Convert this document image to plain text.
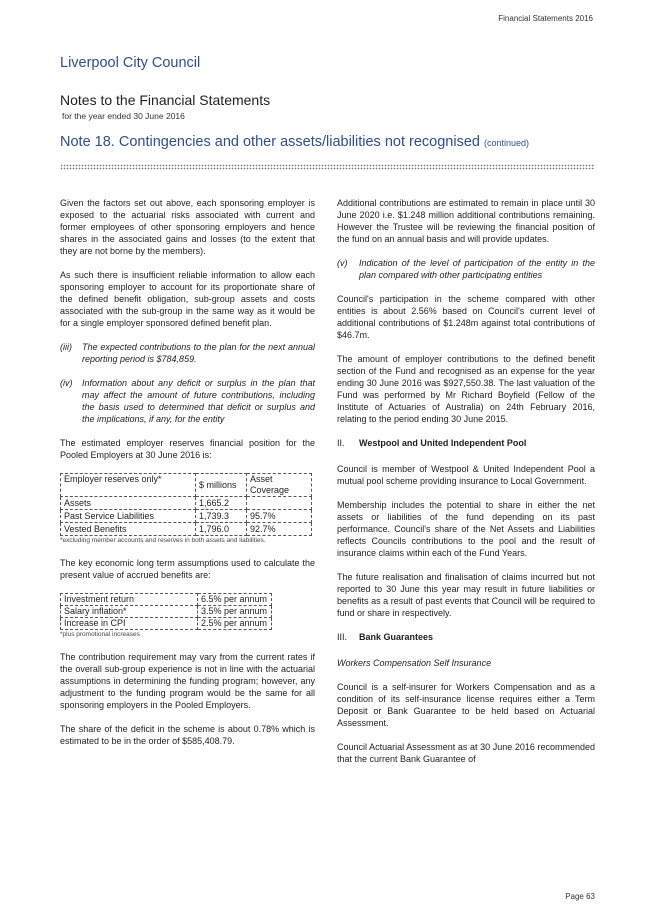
Financial Statements 2016
Liverpool City Council
Notes to the Financial Statements
for the year ended 30 June 2016
Note 18. Contingencies and other assets/liabilities not recognised (continued)

Given the factors set out above, each sponsoring employer is exposed to the actuarial risks associated with current and former employees of other sponsoring employers and hence shares in the associated gains and losses (to the extent that they are not borne by the members).

As such there is insufficient reliable information to allow each sponsoring employer to account for its proportionate share of the defined benefit obligation, sub-group assets and costs associated with the sub-group in the same way as it would be for a single employer sponsored defined benefit plan.

(iii)	The expected contributions to the plan for the next annual reporting period is $784,859.
(iv)	Information about any deficit or surplus in the plan that may affect the amount of future contributions, including the basis used to determined that deficit or surplus and the implications, if any, for the entity

The estimated employer reserves financial position for the Pooled Employers at 30 June 2016 is:

Employer reserves only*	$ millions	Asset Coverage
Assets	1,665.2	
Past Service Liabilities	1,739.3	95.7%
Vested Benefits	1,796.0	92.7%
*excluding member accounts and reserves in both assets and liabilities.

The key economic long term assumptions used to calculate the present value of accrued benefits are:

Investment return	6.5% per annum
Salary inflation*	3.5% per annum
Increase in CPI	2.5% per annum
*plus promotional increases

The contribution requirement may vary from the current rates if the overall sub-group experience is not in line with the actuarial assumptions in determining the funding program; however, any adjustment to the funding program would be the same for all sponsoring employers in the Pooled Employers.

The share of the deficit in the scheme is about 0.78% which is estimated to be in the order of $585,408.79.

Additional contributions are estimated to remain in place until 30 June 2020 i.e. $1.248 million additional contributions remaining. However the Trustee will be reviewing the financial position of the fund on an annual basis and will provide updates.

(v)	Indication of the level of participation of the entity in the plan compared with other participating entities

Council's participation in the scheme compared with other entities is about 2.56% based on Council's current level of additional contributions of $1.248m against total contributions of $46.7m.

The amount of employer contributions to the defined benefit section of the Fund and recognised as an expense for the year ending 30 June 2016 was $927,550.38. The last valuation of the Fund was performed by Mr Richard Boyfield (Fellow of the Institute of Actuaries of Australia) on 24th February 2016, relating to the period ending 30 June 2015.

II.	Westpool and United Independent Pool

Council is member of Westpool & United Independent Pool a mutual pool scheme providing insurance to Local Government.

Membership includes the potential to share in either the net assets or liabilities of the fund depending on its past performance. Council's share of the Net Assets and Liabilities reflects Councils contributions to the pool and the result of insurance claims within each of the Fund Years.

The future realisation and finalisation of claims incurred but not reported to 30 June this year may result in future liabilities or benefits as a result of past events that Council will be required to fund or share in respectively.

III.	Bank Guarantees

Workers Compensation Self Insurance

Council is a self-insurer for Workers Compensation and as a condition of its self-insurance license requires either a Term Deposit or Bank Guarantee to be held based on Actuarial Assessment.

Council Actuarial Assessment as at 30 June 2016 recommended that the current Bank Guarantee of

Page 63
